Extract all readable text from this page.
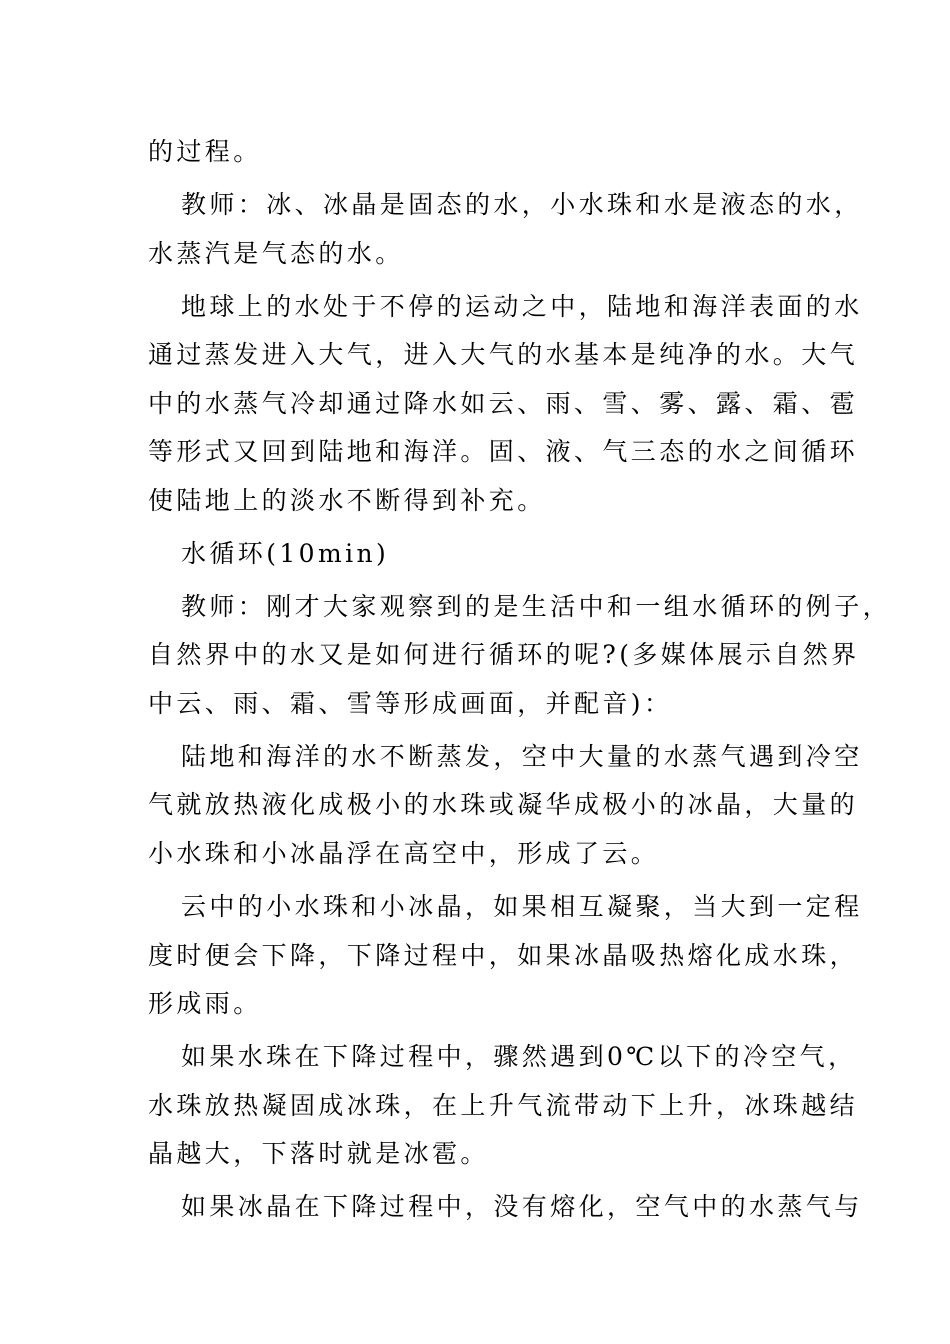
的过程。
教师：冰、冰晶是固态的水，小水珠和水是液态的水，
水蒸汽是气态的水。
地球上的水处于不停的运动之中，陆地和海洋表面的水
通过蒸发进入大气，进入大气的水基本是纯净的水。大气
中的水蒸气冷却通过降水如云、雨、雪、雾、露、霜、雹
等形式又回到陆地和海洋。固、液、气三态的水之间循环
使陆地上的淡水不断得到补充。
水循环(10min)
教师：刚才大家观察到的是生活中和一组水循环的例子，
自然界中的水又是如何进行循环的呢?(多媒体展示自然界
中云、雨、霜、雪等形成画面，并配音)：
陆地和海洋的水不断蒸发，空中大量的水蒸气遇到冷空
气就放热液化成极小的水珠或凝华成极小的冰晶，大量的
小水珠和小冰晶浮在高空中，形成了云。
云中的小水珠和小冰晶，如果相互凝聚，当大到一定程
度时便会下降，下降过程中，如果冰晶吸热熔化成水珠，
形成雨。
如果水珠在下降过程中，骤然遇到0℃以下的冷空气，
水珠放热凝固成冰珠，在上升气流带动下上升，冰珠越结
晶越大，下落时就是冰雹。
如果冰晶在下降过程中，没有熔化，空气中的水蒸气与
